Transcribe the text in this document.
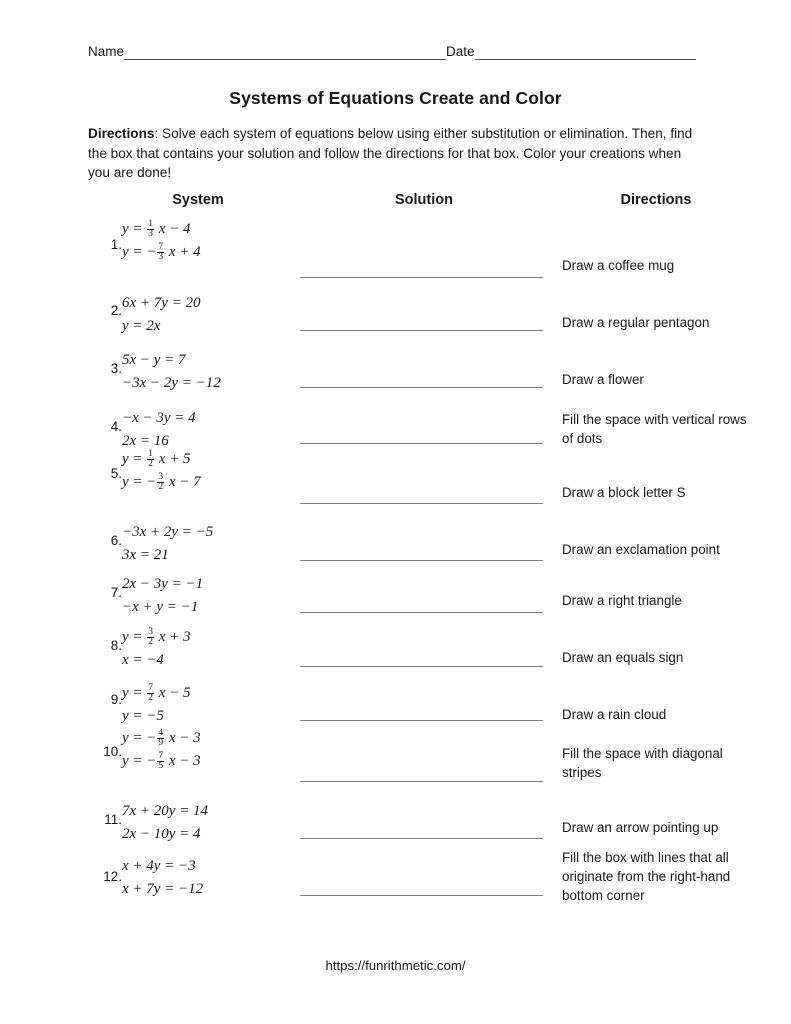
Name	Date
Systems of Equations Create and Color
Directions: Solve each system of equations below using either substitution or elimination. Then, find the box that contains your solution and follow the directions for that box. Color your creations when you are done!
System	Solution	Directions
1.
$y = \frac{1}{3}$ x − 4
y = − $\frac{7}{3}$ x + 4
Draw a coffee mug
2. 6x + 7y = 20
y = 2x	Draw a regular pentagon
3.
5x − y = 7
−3x − 2y = −12	Draw a flower
4.
−x − 3y = 4
2x = 16
Fill the space with vertical rows of dots
5.
$y = \frac{1}{2}$ x + 5
y = − $\frac{3}{2}$ x − 7
Draw a block letter S
6.
−3x + 2y = −5
3x = 21	Draw an exclamation point
7.
2x − 3y = −1
−x + y = −1	Draw a right triangle
8.
$y = \frac{3}{2}$ x + 3
x = −4	Draw an equals sign
9. $y = \frac{7}{2}$ x − 5
y = −5	Draw a rain cloud
10.
y = − $\frac{4}{9}$ x − 3
y = − $\frac{7}{5}$ x − 3	Fill the space with diagonal stripes
11.
7x + 20y = 14
2x − 10y = 4	Draw an arrow pointing up
12.
x + 4y = −3
x + 7y = −12
Fill the box with lines that all originate from the right-hand bottom corner
https://funrithmetic.com/
